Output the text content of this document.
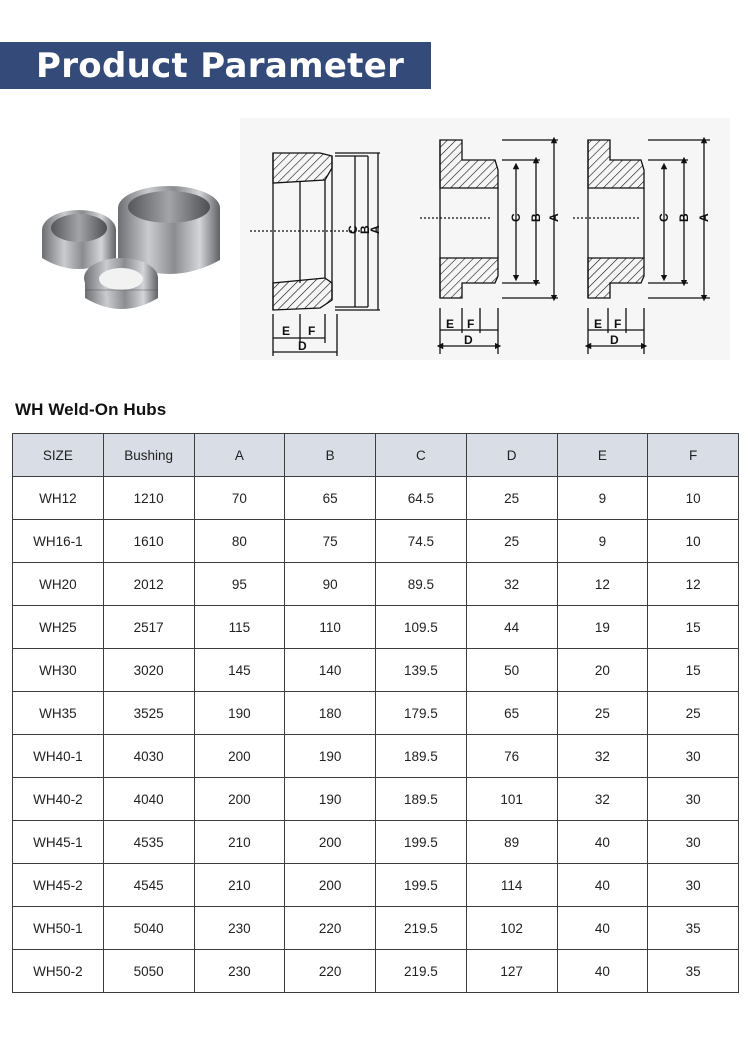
Product Parameter
C
E F
D
C B A
E F
D
C B A
E F
D
B
A
WH Weld-On Hubs
SIZE	Bushing	A	B	C	D	E	F
WH12	1210	70	65	64.5	25	9	10
WH16-1	1610	80	75	74.5	25	9	10
WH20	2012	95	90	89.5	32	12	12
WH25	2517	115	110	109.5	44	19	15
WH30	3020	145	140	139.5	50	20	15
WH35	3525	190	180	179.5	65	25	25
WH40-1	4030	200	190	189.5	76	32	30
WH40-2	4040	200	190	189.5	101	32	30
WH45-1	4535	210	200	199.5	89	40	30
WH45-2	4545	210	200	199.5	114	40	30
WH50-1	5040	230	220	219.5	102	40	35
WH50-2	5050	230	220	219.5	127	40	35
